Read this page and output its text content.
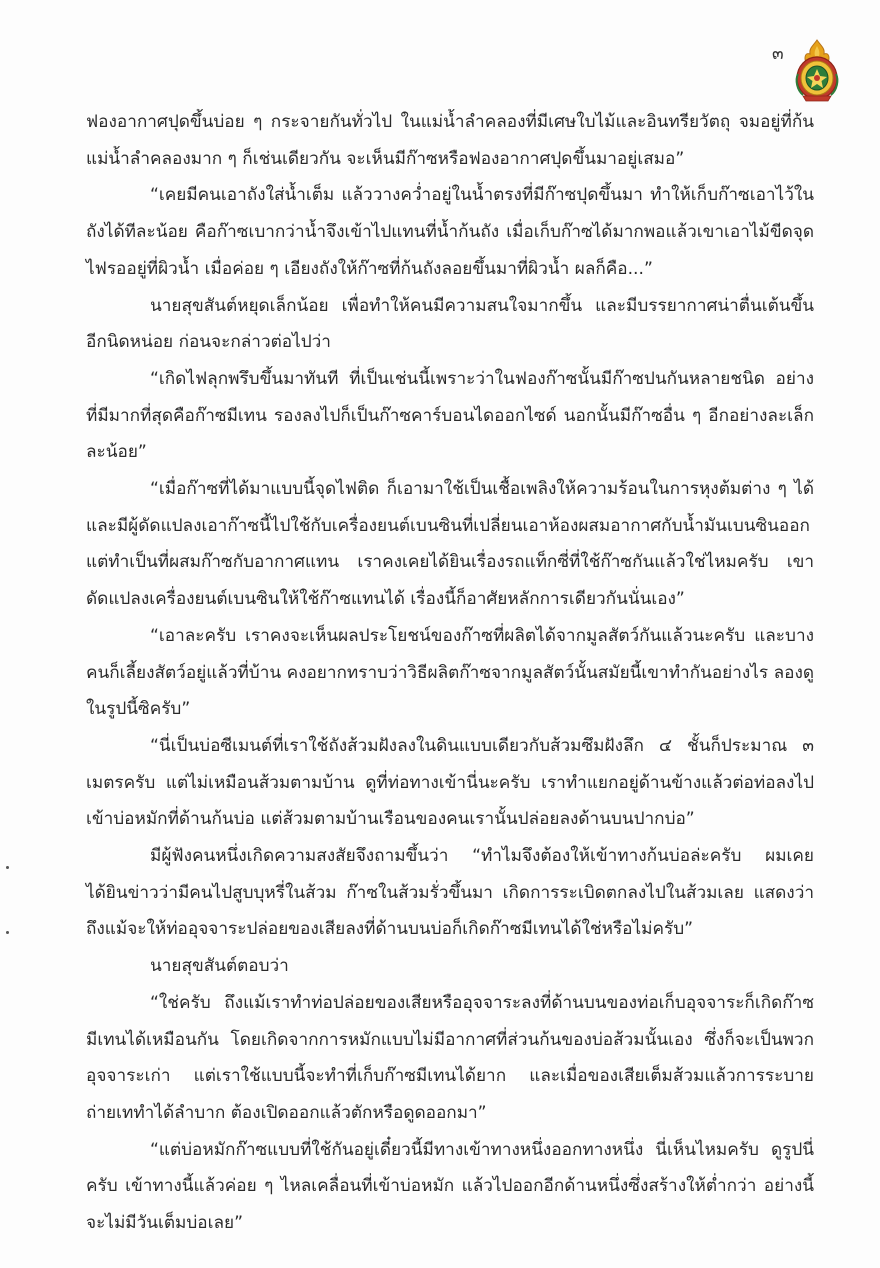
๓

ฟองอากาศปุดขึ้นบ่อย ๆ กระจายกันทั่วไป ในแม่น้ำลำคลองที่มีเศษใบไม้และอินทรียวัตถุ จมอยู่ที่ก้นแม่น้ำลำคลองมาก ๆ ก็เช่นเดียวกัน จะเห็นมีก๊าซหรือฟองอากาศปุดขึ้นมาอยู่เสมอ”

“เคยมีคนเอาถังใส่น้ำเต็ม แล้ววางคว่ำอยู่ในน้ำตรงที่มีก๊าซปุดขึ้นมา ทำให้เก็บก๊าซเอาไว้ในถังได้ทีละน้อย คือก๊าซเบากว่าน้ำจึงเข้าไปแทนที่น้ำก้นถัง เมื่อเก็บก๊าซได้มากพอแล้วเขาเอาไม้ขีดจุดไฟรออยู่ที่ผิวน้ำ เมื่อค่อย ๆ เอียงถังให้ก๊าซที่ก้นถังลอยขึ้นมาที่ผิวน้ำ ผลก็คือ...”

นายสุขสันต์หยุดเล็กน้อย เพื่อทำให้คนมีความสนใจมากขึ้น และมีบรรยากาศน่าตื่นเต้นขึ้นอีกนิดหน่อย ก่อนจะกล่าวต่อไปว่า

“เกิดไฟลุกพรึบขึ้นมาทันที ที่เป็นเช่นนี้เพราะว่าในฟองก๊าซนั้นมีก๊าซปนกันหลายชนิด อย่างที่มีมากที่สุดคือก๊าซมีเทน รองลงไปก็เป็นก๊าซคาร์บอนไดออกไซด์ นอกนั้นมีก๊าซอื่น ๆ อีกอย่างละเล็กละน้อย”

“เมื่อก๊าซที่ได้มาแบบนี้จุดไฟติด ก็เอามาใช้เป็นเชื้อเพลิงให้ความร้อนในการหุงต้มต่าง ๆ ได้ และมีผู้ดัดแปลงเอาก๊าซนี้ไปใช้กับเครื่องยนต์เบนซินที่เปลี่ยนเอาห้องผสมอากาศกับน้ำมันเบนซินออก แต่ทำเป็นที่ผสมก๊าซกับอากาศแทน เราคงเคยได้ยินเรื่องรถแท็กซี่ที่ใช้ก๊าซกันแล้วใช่ไหมครับ เขาดัดแปลงเครื่องยนต์เบนซินให้ใช้ก๊าซแทนได้ เรื่องนี้ก็อาศัยหลักการเดียวกันนั่นเอง”

“เอาละครับ เราคงจะเห็นผลประโยชน์ของก๊าซที่ผลิตได้จากมูลสัตว์กันแล้วนะครับ และบางคนก็เลี้ยงสัตว์อยู่แล้วที่บ้าน คงอยากทราบว่าวิธีผลิตก๊าซจากมูลสัตว์นั้นสมัยนี้เขาทำกันอย่างไร ลองดูในรูปนี้ซิครับ”

“นี่เป็นบ่อซีเมนต์ที่เราใช้ถังส้วมฝังลงในดินแบบเดียวกับส้วมซึมฝังลึก ๔ ชั้นก็ประมาณ ๓ เมตรครับ แต่ไม่เหมือนส้วมตามบ้าน ดูที่ท่อทางเข้านี่นะครับ เราทำแยกอยู่ด้านข้างแล้วต่อท่อลงไปเข้าบ่อหมักที่ด้านก้นบ่อ แต่ส้วมตามบ้านเรือนของคนเรานั้นปล่อยลงด้านบนปากบ่อ”

มีผู้ฟังคนหนึ่งเกิดความสงสัยจึงถามขึ้นว่า “ทำไมจึงต้องให้เข้าทางก้นบ่อล่ะครับ ผมเคยได้ยินข่าวว่ามีคนไปสูบบุหรี่ในส้วม ก๊าซในส้วมรั่วขึ้นมา เกิดการระเบิดตกลงไปในส้วมเลย แสดงว่าถึงแม้จะให้ท่ออุจจาระปล่อยของเสียลงที่ด้านบนบ่อก็เกิดก๊าซมีเทนได้ใช่หรือไม่ครับ”

นายสุขสันต์ตอบว่า

“ใช่ครับ ถึงแม้เราทำท่อปล่อยของเสียหรืออุจจาระลงที่ด้านบนของท่อเก็บอุจจาระก็เกิดก๊าซมีเทนได้เหมือนกัน โดยเกิดจากการหมักแบบไม่มีอากาศที่ส่วนก้นของบ่อส้วมนั้นเอง ซึ่งก็จะเป็นพวกอุจจาระเก่า แต่เราใช้แบบนี้จะทำที่เก็บก๊าซมีเทนได้ยาก และเมื่อของเสียเต็มส้วมแล้วการระบายถ่ายเททำได้ลำบาก ต้องเปิดออกแล้วตักหรือดูดออกมา”

“แต่บ่อหมักก๊าซแบบที่ใช้กันอยู่เดี๋ยวนี้มีทางเข้าทางหนึ่งออกทางหนึ่ง นี่เห็นไหมครับ ดูรูปนี่ครับ เข้าทางนี้แล้วค่อย ๆ ไหลเคลื่อนที่เข้าบ่อหมัก แล้วไปออกอีกด้านหนึ่งซึ่งสร้างให้ต่ำกว่า อย่างนี้จะไม่มีวันเต็มบ่อเลย”
